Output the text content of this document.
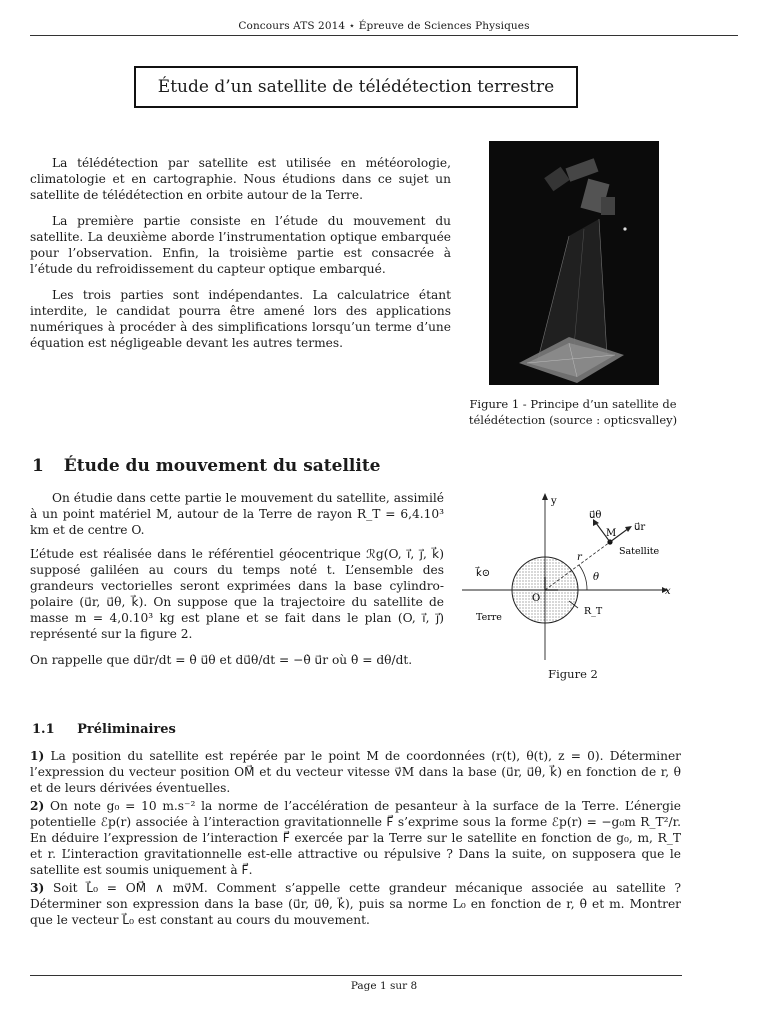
Concours ATS 2014 ⋆ Épreuve de Sciences Physiques
Étude d’un satellite de télédétection terrestre

La télédétection par satellite est utilisée en météorologie, climatologie et en cartographie. Nous étudions dans ce sujet un satellite de télédétection en orbite autour de la Terre.

La première partie consiste en l’étude du mouvement du satellite. La deuxième aborde l’instrumentation optique embarquée pour l’observation. Enfin, la troisième partie est consacrée à l’étude du refroidissement du capteur optique embarqué.

Les trois parties sont indépendantes. La calculatrice étant interdite, le candidat pourra être amené lors des applications numériques à procéder à des simplifications lorsqu’un terme d’une équation est négligeable devant les autres termes.

Figure 1 - Principe d’un satellite de télédétection (source : opticsvalley)
1 Étude du mouvement du satellite

On étudie dans cette partie le mouvement du satellite, assimilé à un point matériel M, autour de la Terre de rayon R_T = 6,4.10³ km et de centre O.

L’étude est réalisée dans le référentiel géocentrique ℛg(O, i⃗, j⃗, k⃗) supposé galiléen au cours du temps noté t. L’ensemble des grandeurs vectorielles seront exprimées dans la base cylindro-polaire (u⃗r, u⃗θ, k⃗). On suppose que la trajectoire du satellite de masse m = 4,0.10³ kg est plane et se fait dans le plan (O, i⃗, j⃗) représenté sur la figure 2.

On rappelle que du⃗r/dt = θ̇ u⃗θ et du⃗θ/dt = −θ̇ u⃗r où θ̇ = dθ/dt.

y
x
O
M
Satellite
Terre
R_T
r
θ
u⃗r
u⃗θ
k⃗⊙
Figure 2
1.1 Préliminaires
1) La position du satellite est repérée par le point M de coordonnées (r(t), θ(t), z = 0). Déterminer l’expression du vecteur position OM⃗ et du vecteur vitesse v⃗M dans la base (u⃗r, u⃗θ, k⃗) en fonction de r, θ et de leurs dérivées éventuelles.
2) On note g₀ = 10 m.s⁻² la norme de l’accélération de pesanteur à la surface de la Terre. L’énergie potentielle ℰp(r) associée à l’interaction gravitationnelle F⃗ s’exprime sous la forme ℰp(r) = −g₀m R_T²/r. En déduire l’expression de l’interaction F⃗ exercée par la Terre sur le satellite en fonction de g₀, m, R_T et r. L’interaction gravitationnelle est-elle attractive ou répulsive ? Dans la suite, on supposera que le satellite est soumis uniquement à F⃗.
3) Soit L⃗₀ = OM⃗ ∧ mv⃗M. Comment s’appelle cette grandeur mécanique associée au satellite ? Déterminer son expression dans la base (u⃗r, u⃗θ, k⃗), puis sa norme L₀ en fonction de r, θ̇ et m. Montrer que le vecteur L⃗₀ est constant au cours du mouvement.
Page 1 sur 8
